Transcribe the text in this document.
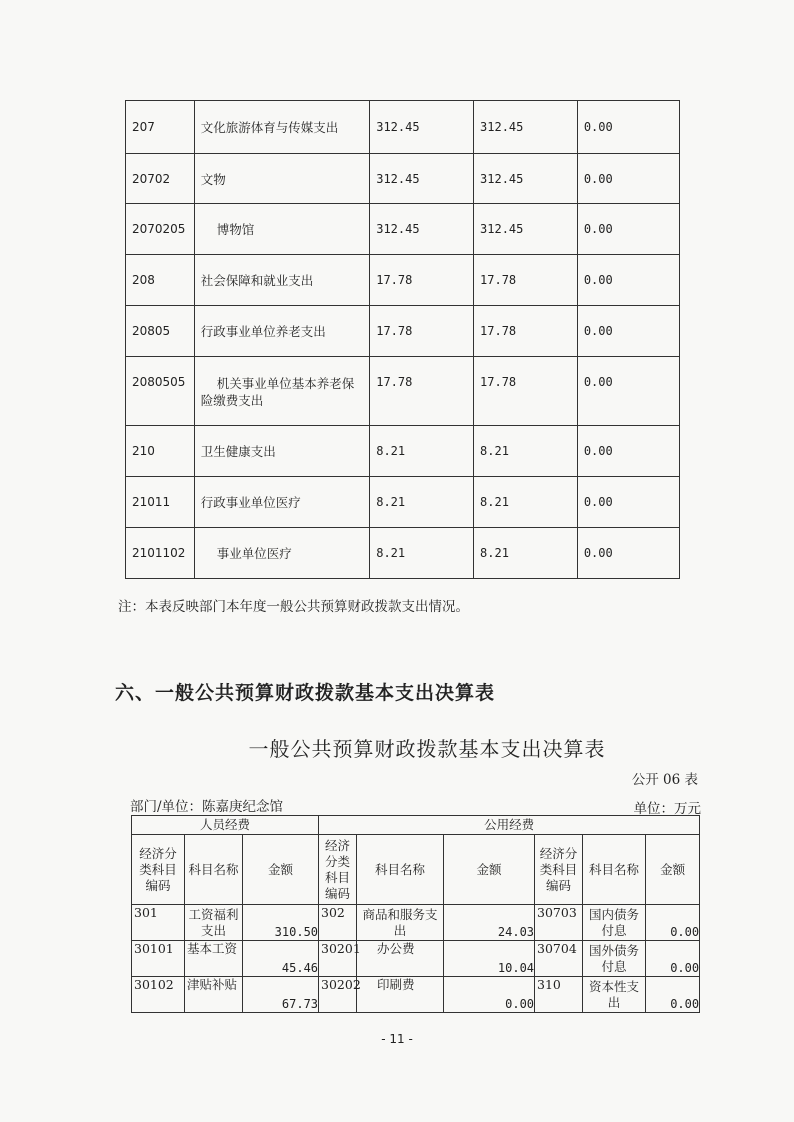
207	文化旅游体育与传媒支出	312.45	312.45	0.00
20702	文物	312.45	312.45	0.00
2070205	博物馆	312.45	312.45	0.00
208	社会保障和就业支出	17.78	17.78	0.00
20805	行政事业单位养老支出	17.78	17.78	0.00
2080505	机关事业单位基本养老保险缴费支出	17.78	17.78	0.00
210	卫生健康支出	8.21	8.21	0.00
21011	行政事业单位医疗	8.21	8.21	0.00
2101102	事业单位医疗	8.21	8.21	0.00
注：本表反映部门本年度一般公共预算财政拨款支出情况。
六、一般公共预算财政拨款基本支出决算表
一般公共预算财政拨款基本支出决算表
公开 06 表
部门/单位：陈嘉庚纪念馆	单位：万元
人员经费			公用经费					
经济分类科目编码	科目名称	金额	经济分类科目编码	科目名称	金额	经济分类科目编码	科目名称	金额
301	工资福利支出	310.50	302	商品和服务支出	24.03	30703	国内债务付息	0.00
30101	基本工资	45.46	30201	办公费	10.04	30704	国外债务付息	0.00
30102	津贴补贴	67.73	30202	印刷费	0.00	310	资本性支出	0.00
- 11 -
